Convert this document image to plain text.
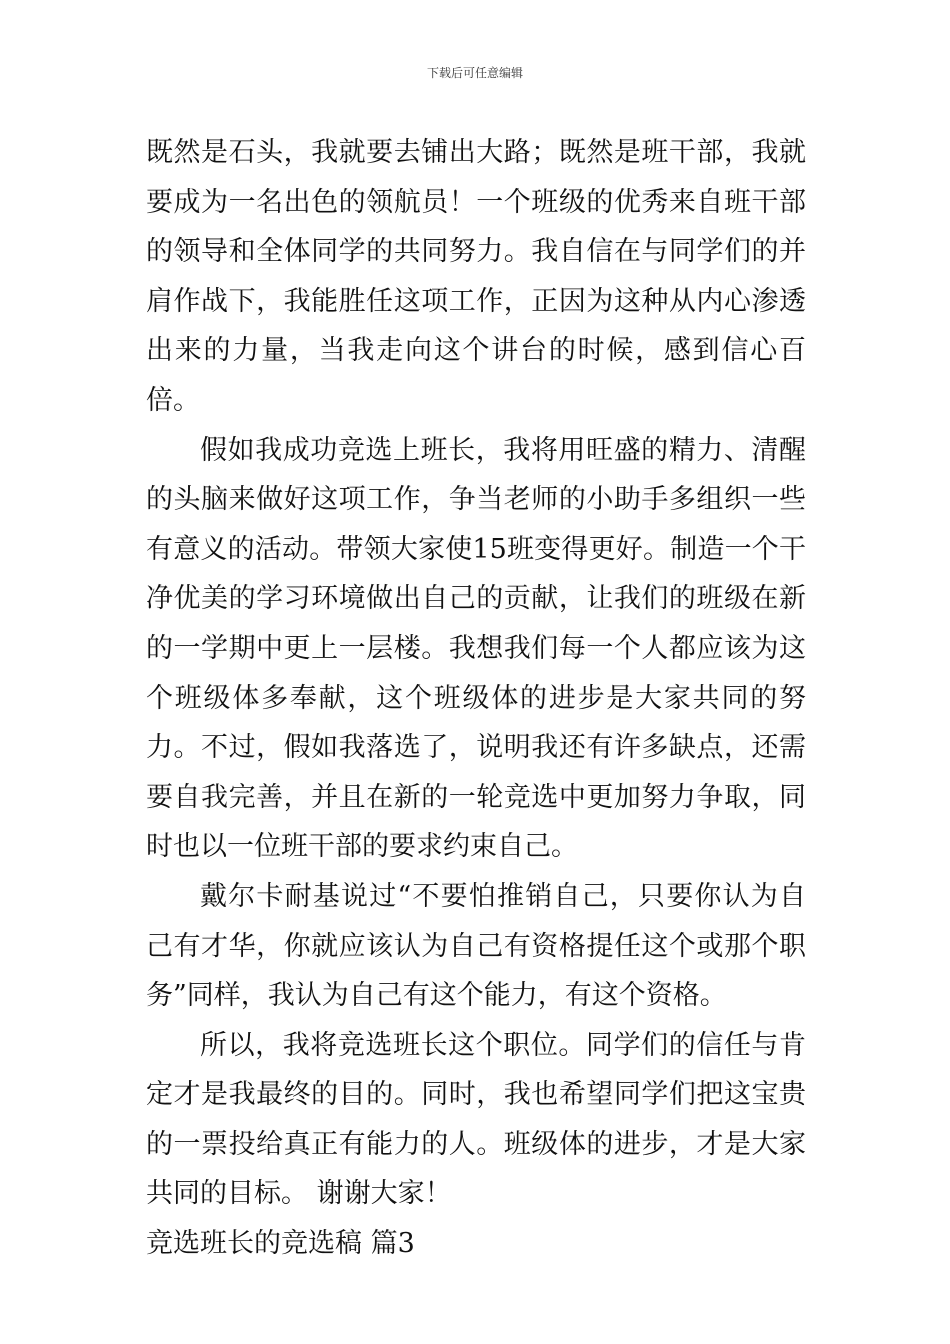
下载后可任意编辑

既然是石头，我就要去铺出大路；既然是班干部，我就要成为一名出色的领航员！一个班级的优秀来自班干部的领导和全体同学的共同努力。我自信在与同学们的并肩作战下，我能胜任这项工作，正因为这种从内心渗透出来的力量，当我走向这个讲台的时候，感到信心百倍。

假如我成功竞选上班长，我将用旺盛的精力、清醒的头脑来做好这项工作，争当老师的小助手多组织一些有意义的活动。带领大家使15班变得更好。制造一个干净优美的学习环境做出自己的贡献，让我们的班级在新的一学期中更上一层楼。我想我们每一个人都应该为这个班级体多奉献，这个班级体的进步是大家共同的努力。不过，假如我落选了，说明我还有许多缺点，还需要自我完善，并且在新的一轮竞选中更加努力争取，同时也以一位班干部的要求约束自己。

戴尔卡耐基说过“不要怕推销自己，只要你认为自己有才华，你就应该认为自己有资格提任这个或那个职务”同样，我认为自己有这个能力，有这个资格。

所以，我将竞选班长这个职位。同学们的信任与肯定才是我最终的目的。同时，我也希望同学们把这宝贵的一票投给真正有能力的人。班级体的进步，才是大家共同的目标。 谢谢大家！

竞选班长的竞选稿 篇3
